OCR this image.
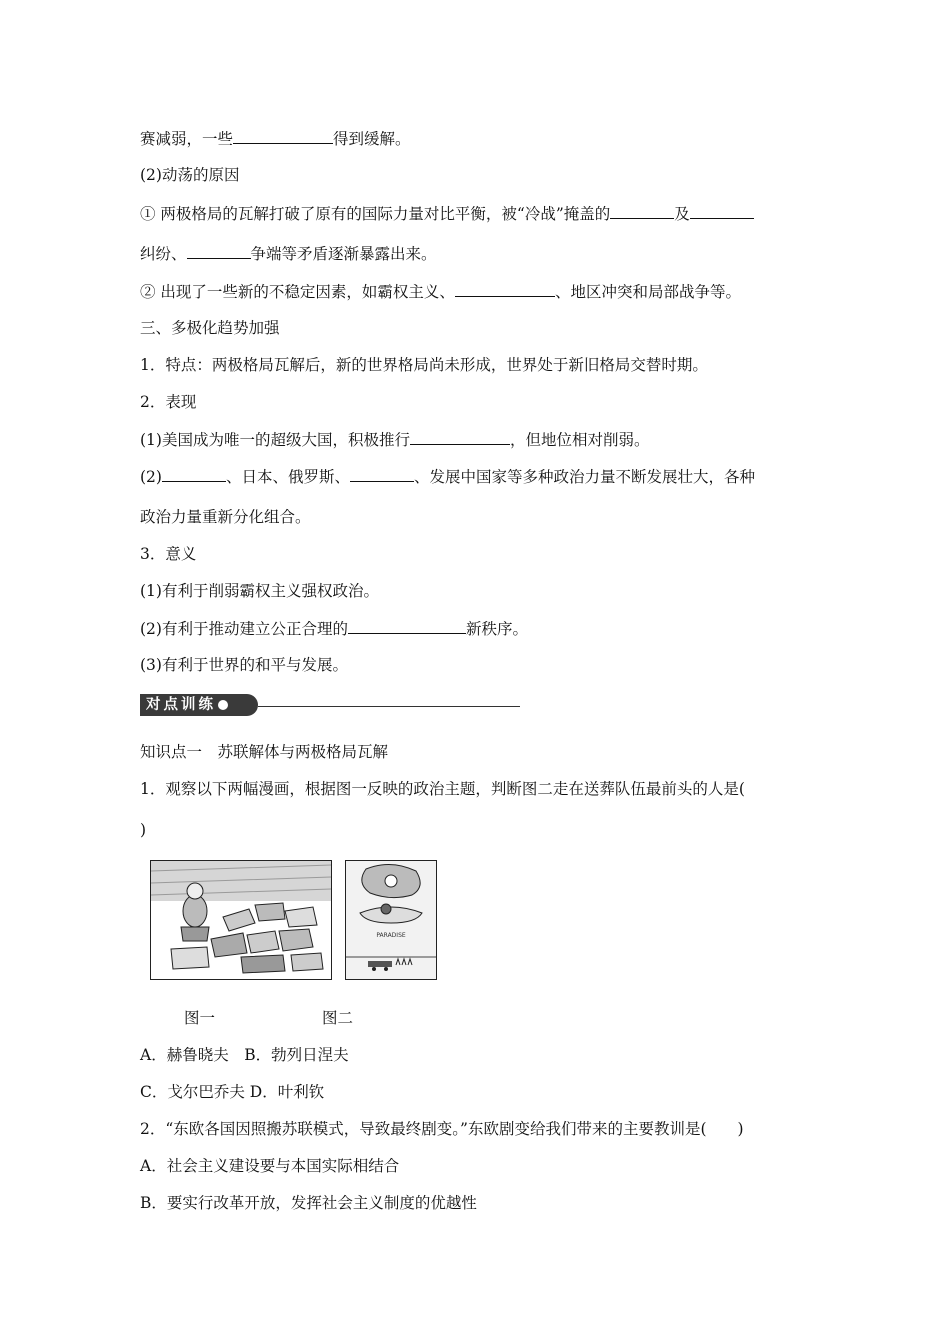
赛减弱，一些	得到缓解。
(2)动荡的原因
① 两极格局的瓦解打破了原有的国际力量对比平衡，被“冷战”掩盖的	及
纠纷、	争端等矛盾逐渐暴露出来。
② 出现了一些新的不稳定因素，如霸权主义、	、地区冲突和局部战争等。
三、多极化趋势加强
1．特点：两极格局瓦解后，新的世界格局尚未形成，世界处于新旧格局交替时期。
2．表现
(1)美国成为唯一的超级大国，积极推行	，但地位相对削弱。
(2)	、日本、俄罗斯、	、发展中国家等多种政治力量不断发展壮大，各种
政治力量重新分化组合。
3．意义
(1)有利于削弱霸权主义强权政治。
(2)有利于推动建立公正合理的	新秩序。
(3)有利于世界的和平与发展。
对点训练
知识点一　苏联解体与两极格局瓦解
1．观察以下两幅漫画，根据图一反映的政治主题，判断图二走在送葬队伍最前头的人是(
)
PARADISE
图一	图二
A．赫鲁晓夫　B．勃列日涅夫
C．戈尔巴乔夫 D．叶利钦
2．“东欧各国因照搬苏联模式，导致最终剧变。”东欧剧变给我们带来的主要教训是(　　)
A．社会主义建设要与本国实际相结合
B．要实行改革开放，发挥社会主义制度的优越性
